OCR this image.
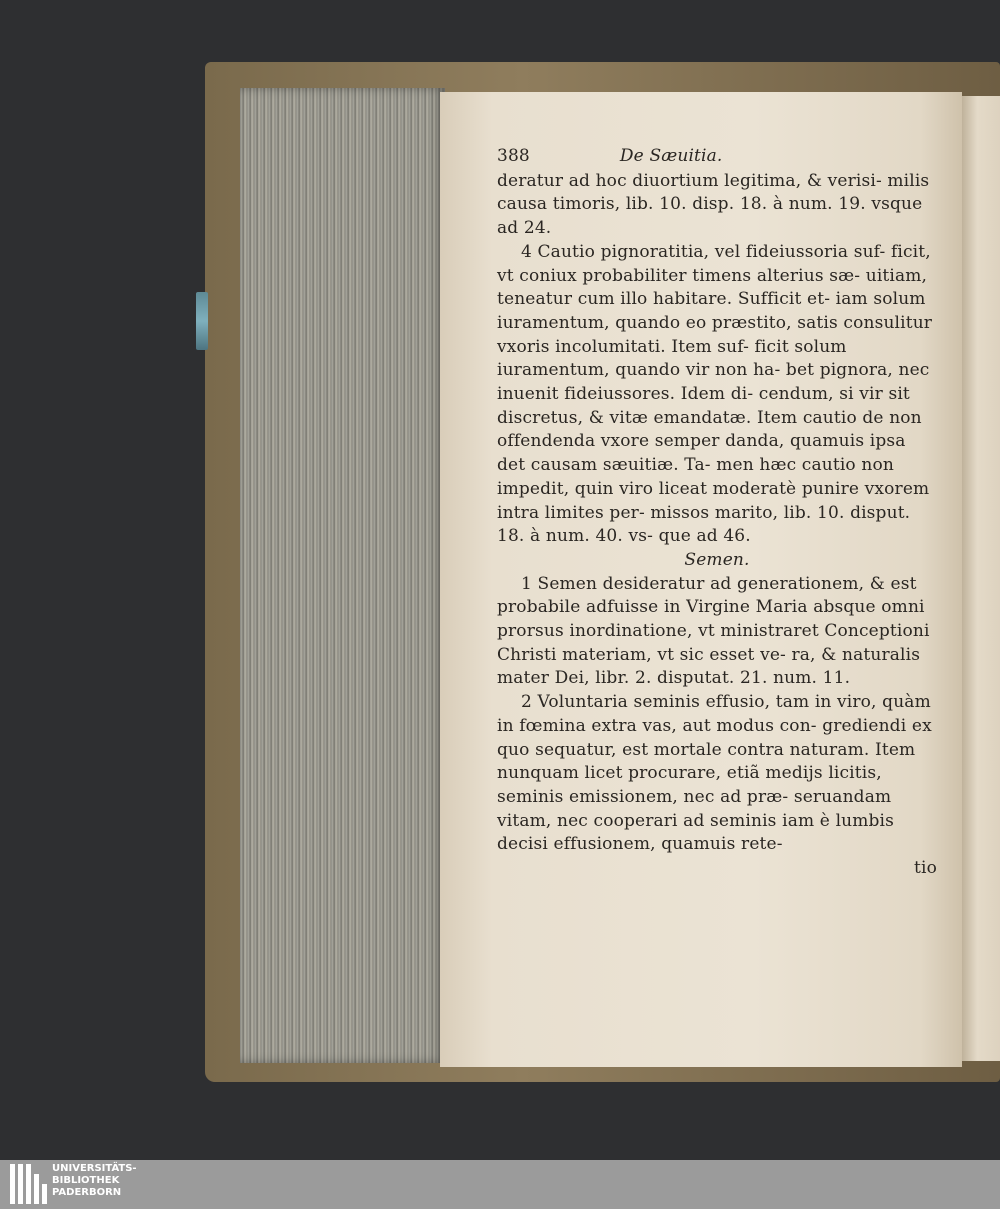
388	De Sæuitia.

deratur ad hoc diuortium legitima, & verisi- milis causa timoris, lib. 10. disp. 18. à num. 19. vsque ad 24.

4 Cautio pignoratitia, vel fideiussoria suf- ficit, vt coniux probabiliter timens alterius sæ- uitiam, teneatur cum illo habitare. Sufficit et- iam solum iuramentum, quando eo præstito, satis consulitur vxoris incolumitati. Item suf- ficit solum iuramentum, quando vir non ha- bet pignora, nec inuenit fideiussores. Idem di- cendum, si vir sit discretus, & vitæ emandatæ. Item cautio de non offendenda vxore semper danda, quamuis ipsa det causam sæuitiæ. Ta- men hæc cautio non impedit, quin viro liceat moderatè punire vxorem intra limites per- missos marito, lib. 10. disput. 18. à num. 40. vs- que ad 46.

Semen.

1 Semen desideratur ad generationem, & est probabile adfuisse in Virgine Maria absque omni prorsus inordinatione, vt ministraret Conceptioni Christi materiam, vt sic esset ve- ra, & naturalis mater Dei, libr. 2. disputat. 21. num. 11.

2 Voluntaria seminis effusio, tam in viro, quàm in fœmina extra vas, aut modus con- grediendi ex quo sequatur, est mortale contra naturam. Item nunquam licet procurare, etiã medijs licitis, seminis emissionem, nec ad præ- seruandam vitam, nec cooperari ad seminis iam è lumbis decisi effusionem, quamuis rete-

tio

UNIVERSITÄTS-
BIBLIOTHEK
PADERBORN
